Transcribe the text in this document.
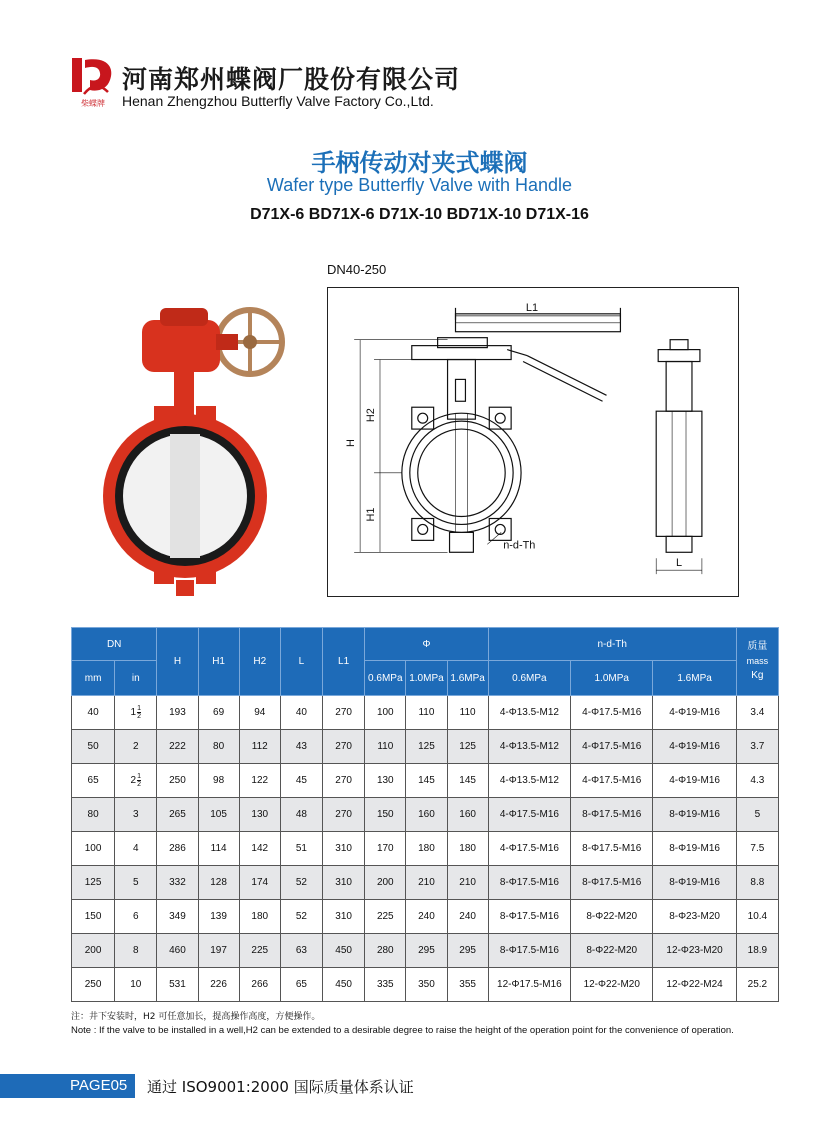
柴蝶牌
河南郑州蝶阀厂股份有限公司
Henan Zhengzhou Butterfly Valve Factory Co.,Ltd.
手柄传动对夹式蝶阀
Wafer type Butterfly Valve with Handle
D71X-6 BD71X-6 D71X-10 BD71X-10 D71X-16
DN40-250
L1
H
H2
H1
n-d-Th
L
DN		H	H1	H2	L	L1	Φ			n-d-Th			质量
mass
Kg
mm	in						0.6MPa	1.0MPa	1.6MPa	0.6MPa	1.0MPa	1.6MPa	
40	$1 \frac{1}{2}$	193	69	94	40	270	100	110	110	4-Φ13.5-M12	4-Φ17.5-M16	4-Φ19-M16	3.4
50	2	222	80	112	43	270	110	125	125	4-Φ13.5-M12	4-Φ17.5-M16	4-Φ19-M16	3.7
65	$2 \frac{1}{2}$	250	98	122	45	270	130	145	145	4-Φ13.5-M12	4-Φ17.5-M16	4-Φ19-M16	4.3
80	3	265	105	130	48	270	150	160	160	4-Φ17.5-M16	8-Φ17.5-M16	8-Φ19-M16	5
100	4	286	114	142	51	310	170	180	180	4-Φ17.5-M16	8-Φ17.5-M16	8-Φ19-M16	7.5
125	5	332	128	174	52	310	200	210	210	8-Φ17.5-M16	8-Φ17.5-M16	8-Φ19-M16	8.8
150	6	349	139	180	52	310	225	240	240	8-Φ17.5-M16	8-Φ22-M20	8-Φ23-M20	10.4
200	8	460	197	225	63	450	280	295	295	8-Φ17.5-M16	8-Φ22-M20	12-Φ23-M20	18.9
250	10	531	226	266	65	450	335	350	355	12-Φ17.5-M16	12-Φ22-M20	12-Φ22-M24	25.2
注：井下安装时，H2 可任意加长，提高操作高度，方便操作。
Note : If the valve to be installed in a well,H2 can be extended to a desirable degree to raise the height of the operation point for the convenience of operation.
PAGE05 通过 ISO9001:2000 国际质量体系认证
